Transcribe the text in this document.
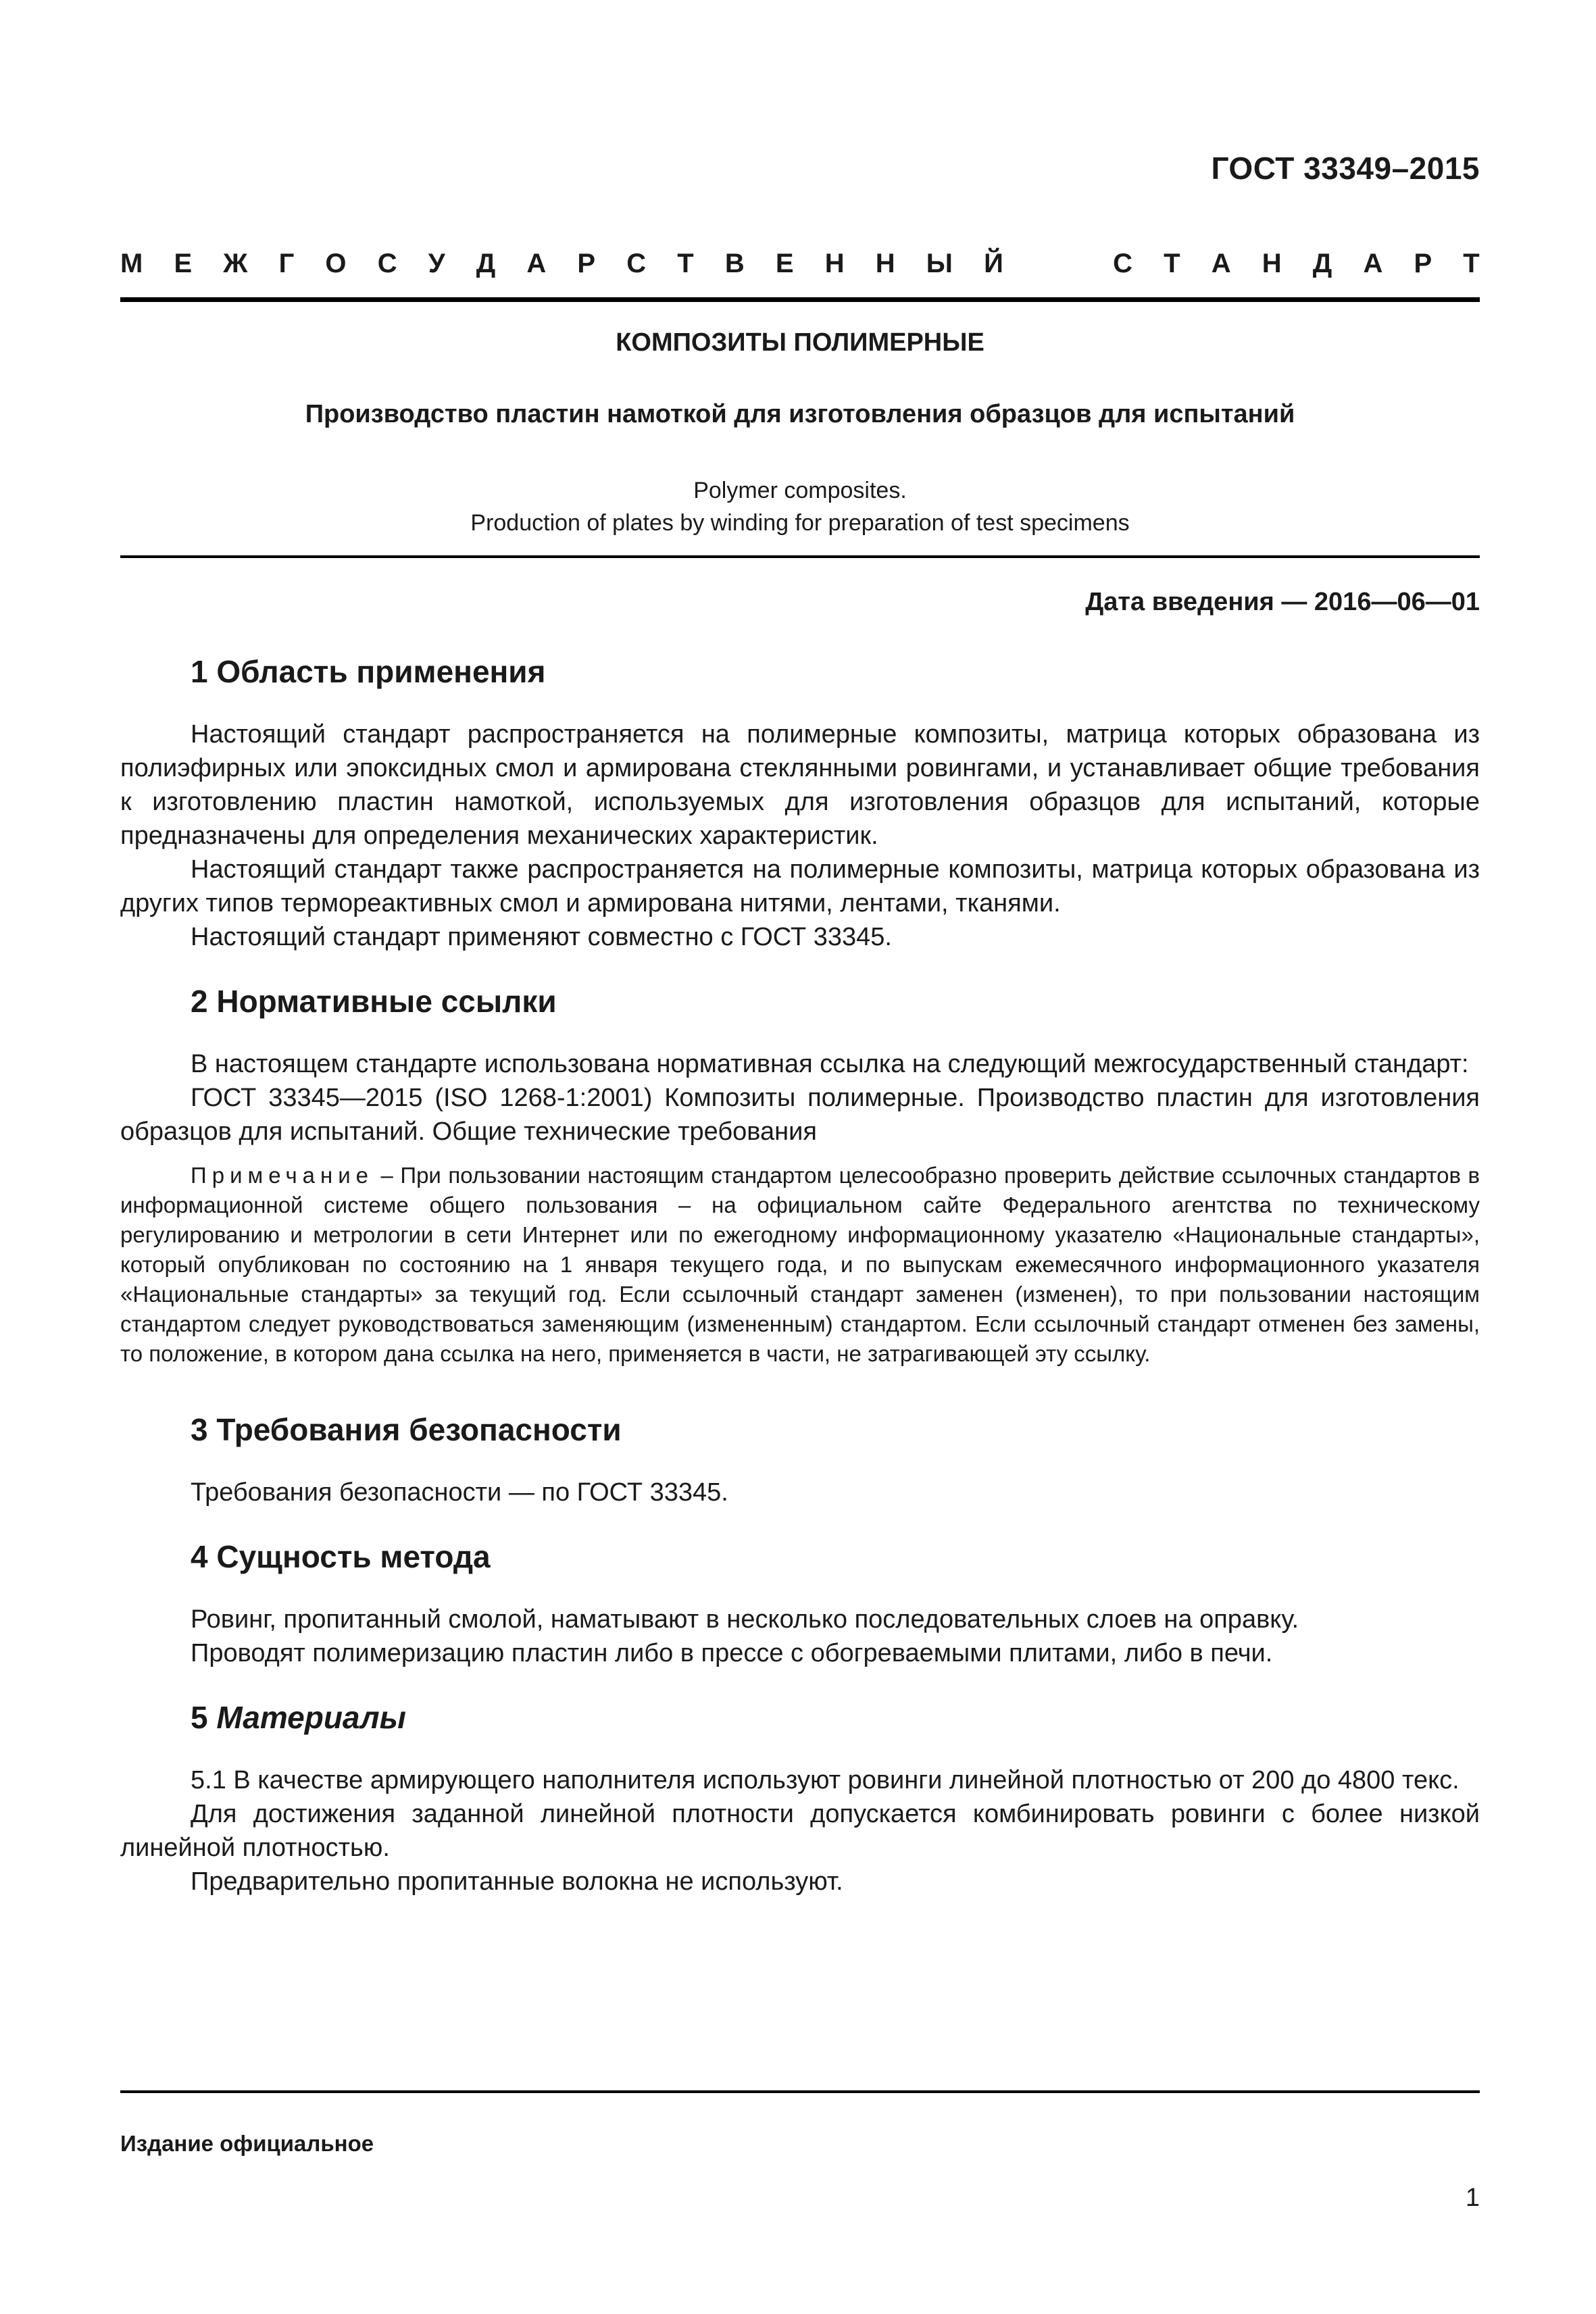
ГОСТ 33349–2015
М Е Ж Г О С У Д А Р С Т В Е Н Н Ы Й	С Т А Н Д А Р Т
КОМПОЗИТЫ ПОЛИМЕРНЫЕ
Производство пластин намоткой для изготовления образцов для испытаний
Polymer composites.
Production of plates by winding for preparation of test specimens
Дата введения — 2016—06—01
1 Область применения

Настоящий стандарт распространяется на полимерные композиты, матрица которых образована из полиэфирных или эпоксидных смол и армирована стеклянными ровингами, и устанавливает общие требования к изготовлению пластин намоткой, используемых для изготовления образцов для испытаний, которые предназначены для определения механических характеристик.

Настоящий стандарт также распространяется на полимерные композиты, матрица которых образована из других типов термореактивных смол и армирована нитями, лентами, тканями.

Настоящий стандарт применяют совместно с ГОСТ 33345.

2 Нормативные ссылки

В настоящем стандарте использована нормативная ссылка на следующий межгосударственный стандарт:

ГОСТ 33345—2015 (ISO 1268-1:2001) Композиты полимерные. Производство пластин для изготовления образцов для испытаний. Общие технические требования

Примечание – При пользовании настоящим стандартом целесообразно проверить действие ссылочных стандартов в информационной системе общего пользования – на официальном сайте Федерального агентства по техническому регулированию и метрологии в сети Интернет или по ежегодному информационному указателю «Национальные стандарты», который опубликован по состоянию на 1 января текущего года, и по выпускам ежемесячного информационного указателя «Национальные стандарты» за текущий год. Если ссылочный стандарт заменен (изменен), то при пользовании настоящим стандартом следует руководствоваться заменяющим (измененным) стандартом. Если ссылочный стандарт отменен без замены, то положение, в котором дана ссылка на него, применяется в части, не затрагивающей эту ссылку.
3 Требования безопасности

Требования безопасности — по ГОСТ 33345.

4 Сущность метода

Ровинг, пропитанный смолой, наматывают в несколько последовательных слоев на оправку.

Проводят полимеризацию пластин либо в прессе с обогреваемыми плитами, либо в печи.

5 Материалы

5.1 В качестве армирующего наполнителя используют ровинги линейной плотностью от 200 до 4800 текс.

Для достижения заданной линейной плотности допускается комбинировать ровинги с более низкой линейной плотностью.

Предварительно пропитанные волокна не используют.

Издание официальное
1
